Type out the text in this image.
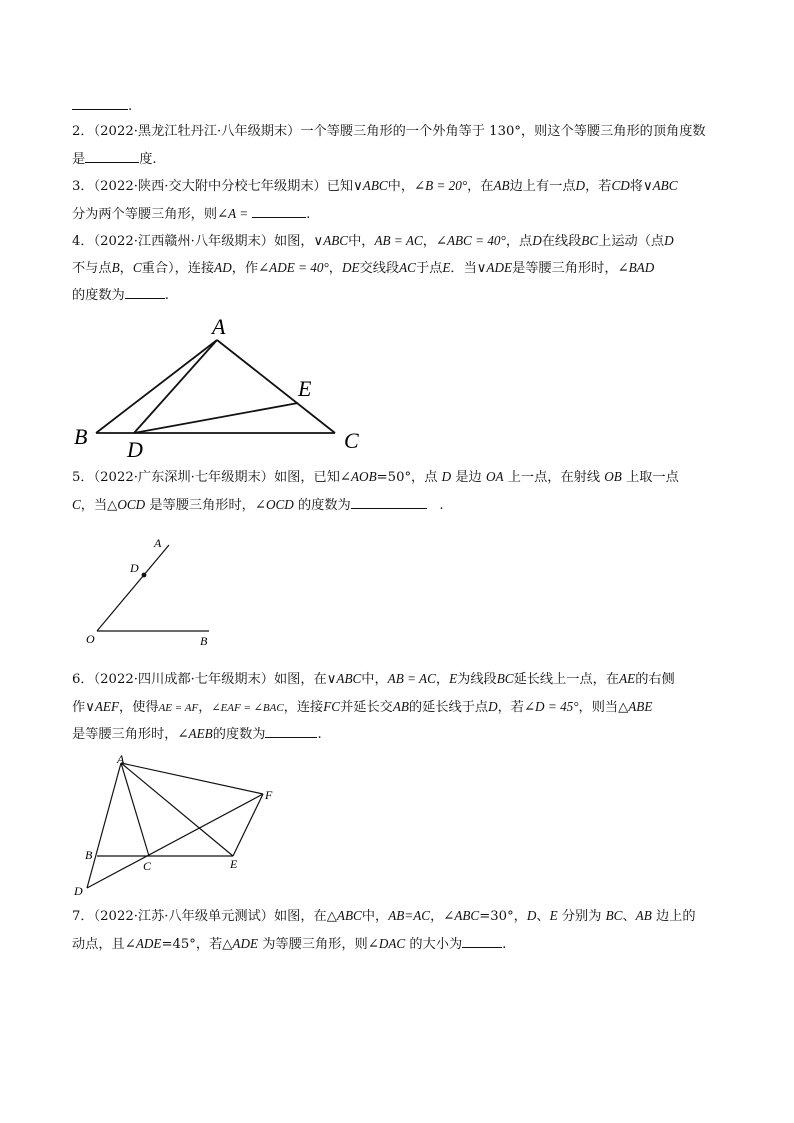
.
2．（2022·黑龙江牡丹江·八年级期末）一个等腰三角形的一个外角等于 130°，则这个等腰三角形的顶角度数
是	度.
3．（2022·陕西·交大附中分校七年级期末）已知∨ABC中，∠B = 20°，在AB边上有一点D，若CD将∨ABC
分为两个等腰三角形，则∠A =	.
4．（2022·江西赣州·八年级期末）如图，∨ABC中，AB = AC，∠ABC = 40°，点D在线段BC上运动（点D
不与点B，C重合），连接AD，作∠ADE = 40°，DE交线段AC于点E．当∨ADE是等腰三角形时，∠BAD
的度数为	.
A
B	C
D
E
5．（2022·广东深圳·七年级期末）如图，已知∠AOB=50°，点 D 是边 OA 上一点，在射线 OB 上取一点
C，当△OCD 是等腰三角形时，∠OCD 的度数为	.
A
D
O	B
6．（2022·四川成都·七年级期末）如图，在∨ABC中，AB = AC，E为线段BC延长线上一点，在AE的右侧
作∨AEF，使得AE = AF，∠EAF = ∠BAC，连接FC并延长交AB的延长线于点D，若∠D = 45°，则当△ABE
是等腰三角形时，∠AEB的度数为	.
A
F
B
C	E
D
7．（2022·江苏·八年级单元测试）如图，在△ABC中，AB=AC，∠ABC=30°，D、E 分别为 BC、AB 边上的
动点，且∠ADE=45°，若△ADE 为等腰三角形，则∠DAC 的大小为	.
